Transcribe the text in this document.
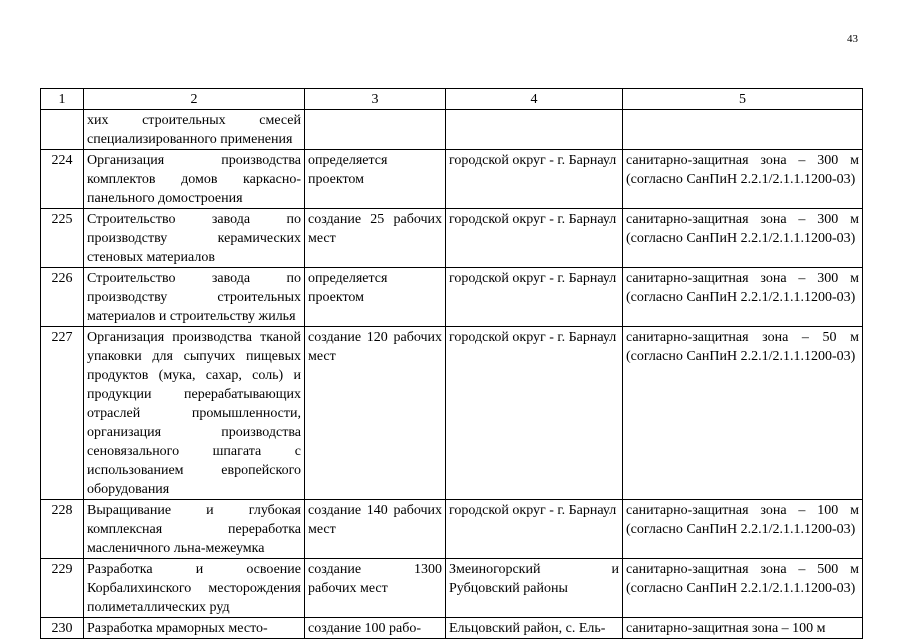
43
1	2	3	4	5
	хих строительных смесей специализированного применения			
224	Организация производства комплектов домов каркасно-панельного домостроения	определяется проектом	городской округ - г. Барнаул	санитарно-защитная зона – 300 м (согласно СанПиН 2.2.1/2.1.1.1200-03)
225	Строительство завода по производству керамических стеновых материалов	создание 25 рабочих мест	городской округ - г. Барнаул	санитарно-защитная зона – 300 м (согласно СанПиН 2.2.1/2.1.1.1200-03)
226	Строительство завода по производству строительных материалов и строительству жилья	определяется проектом	городской округ - г. Барнаул	санитарно-защитная зона – 300 м (согласно СанПиН 2.2.1/2.1.1.1200-03)
227	Организация производства тканой упаковки для сыпучих пищевых продуктов (мука, сахар, соль) и продукции перерабатывающих отраслей промышленности, организация производства сеновязального шпагата с использованием европейского оборудования	создание 120 рабочих мест	городской округ - г. Барнаул	санитарно-защитная зона – 50 м (согласно СанПиН 2.2.1/2.1.1.1200-03)
228	Выращивание и глубокая комплексная переработка масленичного льна-межеумка	создание 140 рабочих мест	городской округ - г. Барнаул	санитарно-защитная зона – 100 м (согласно СанПиН 2.2.1/2.1.1.1200-03)
229	Разработка и освоение Корбалихинского месторождения полиметаллических руд	создание 1300 рабочих мест	Змеиногорский и Рубцовский районы	санитарно-защитная зона – 500 м (согласно СанПиН 2.2.1/2.1.1.1200-03)
230	Разработка мраморных место-	создание 100 рабо-	Ельцовский район, с. Ель-	санитарно-защитная зона – 100 м
